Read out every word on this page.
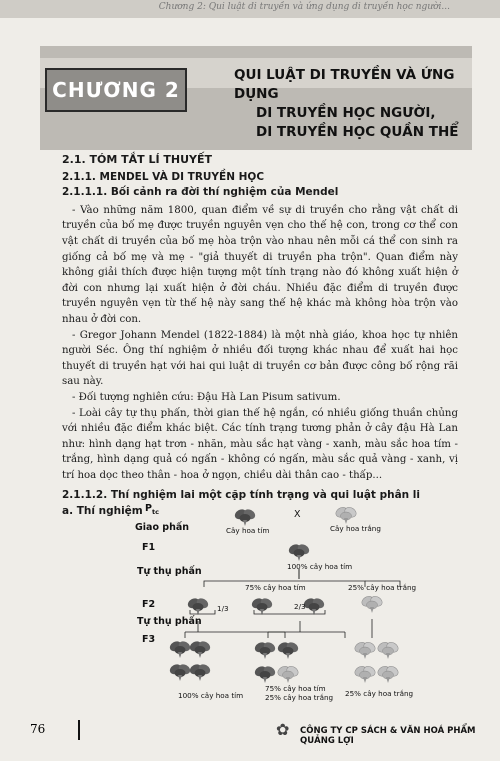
Chương 2: Qui luật di truyền và ứng dụng di truyền học người...
CHƯƠNG 2
QUI LUẬT DI TRUYỀN VÀ ỨNG DỤNG
DI TRUYỀN HỌC NGƯỜI,
DI TRUYỀN HỌC QUẦN THỂ

2.1. TÓM TẮT LÍ THUYẾT

2.1.1. MENDEL VÀ DI TRUYỀN HỌC

2.1.1.1. Bối cảnh ra đời thí nghiệm của Mendel

- Vào những năm 1800, quan điểm về sự di truyền cho rằng vật chất di truyền của bố mẹ được truyền nguyên vẹn cho thế hệ con, trong cơ thể con vật chất di truyền của bố mẹ hòa trộn vào nhau nên mỗi cá thể con sinh ra giống cả bố mẹ và mẹ - "giả thuyết di truyền pha trộn". Quan điểm này không giải thích được hiện tượng một tính trạng nào đó không xuất hiện ở đời con nhưng lại xuất hiện ở đời cháu. Nhiều đặc điểm di truyền được truyền nguyên vẹn từ thế hệ này sang thế hệ khác mà không hòa trộn vào nhau ở đời con.

- Gregor Johann Mendel (1822-1884) là một nhà giáo, khoa học tự nhiên người Séc. Ông thí nghiệm ở nhiều đối tượng khác nhau để xuất hai học thuyết di truyền hạt với hai qui luật di truyền cơ bản được công bố rộng rãi sau này.

- Đối tượng nghiên cứu: Đậu Hà Lan Pisum sativum.

- Loài cây tự thụ phấn, thời gian thế hệ ngắn, có nhiều giống thuần chủng với nhiều đặc điểm khác biệt. Các tính trạng tương phản ở cây đậu Hà Lan như: hình dạng hạt trơn - nhăn, màu sắc hạt vàng - xanh, màu sắc hoa tím - trắng, hình dạng quả có ngấn - không có ngấn, màu sắc quả vàng - xanh, vị trí hoa dọc theo thân - hoa ở ngọn, chiều dài thân cao - thấp...

2.1.1.2. Thí nghiệm lai một cặp tính trạng và qui luật phân li

a. Thí nghiệm $P_{tc}$
Giao phấn
F1
Tự thụ phấn
F2
Tự thụ phấn
F3
X
Cây hoa tím	Cây hoa trắng
100% cây hoa tím
75% cây hoa tím	25% cây hoa trắng
1/3	2/3
100% cây hoa tím
75% cây hoa tím
25% cây hoa trắng 25% cây hoa trắng
76	✿ CÔNG TY CP SÁCH & VĂN HOÁ PHẨM QUẢNG LỢI
